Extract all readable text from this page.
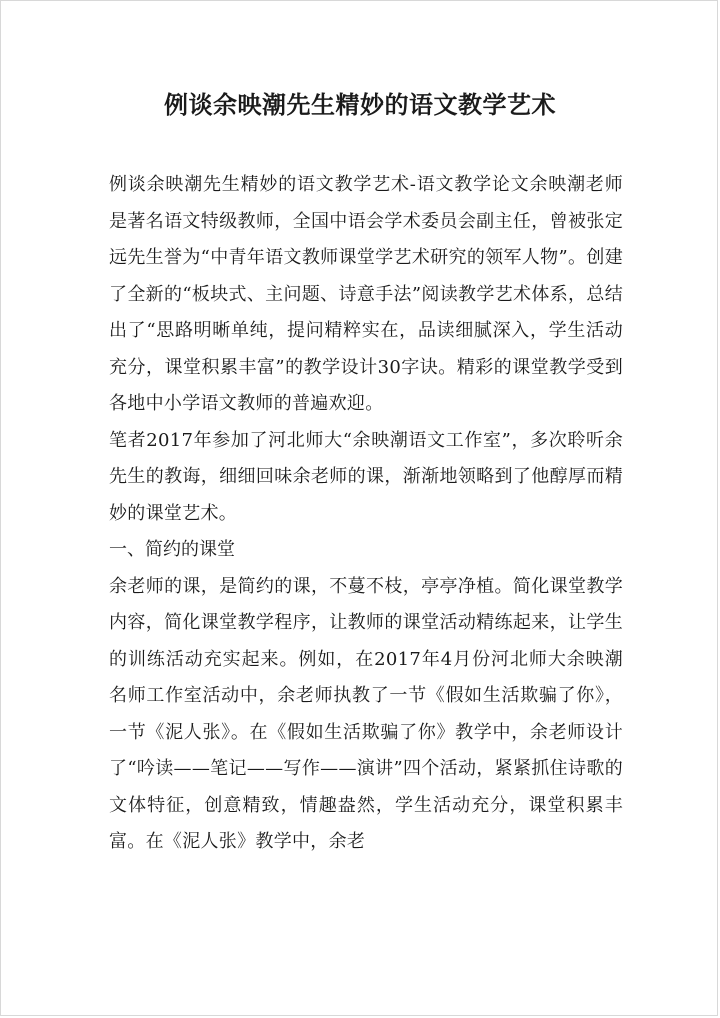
例谈余映潮先生精妙的语文教学艺术

例谈余映潮先生精妙的语文教学艺术-语文教学论文余映潮老师是著名语文特级教师，全国中语会学术委员会副主任，曾被张定远先生誉为“中青年语文教师课堂学艺术研究的领军人物”。创建了全新的“板块式、主问题、诗意手法”阅读教学艺术体系，总结出了“思路明晰单纯，提问精粹实在，品读细腻深入，学生活动充分，课堂积累丰富”的教学设计30字诀。精彩的课堂教学受到各地中小学语文教师的普遍欢迎。

笔者2017年参加了河北师大“余映潮语文工作室”，多次聆听余先生的教诲，细细回味余老师的课，渐渐地领略到了他醇厚而精妙的课堂艺术。

一、简约的课堂

余老师的课，是简约的课，不蔓不枝，亭亭净植。简化课堂教学内容，简化课堂教学程序，让教师的课堂活动精练起来，让学生的训练活动充实起来。例如，在2017年4月份河北师大余映潮名师工作室活动中，余老师执教了一节《假如生活欺骗了你》，一节《泥人张》。在《假如生活欺骗了你》教学中，余老师设计了“吟读——笔记——写作——演讲”四个活动，紧紧抓住诗歌的文体特征，创意精致，情趣盎然，学生活动充分，课堂积累丰富。在《泥人张》教学中，余老
